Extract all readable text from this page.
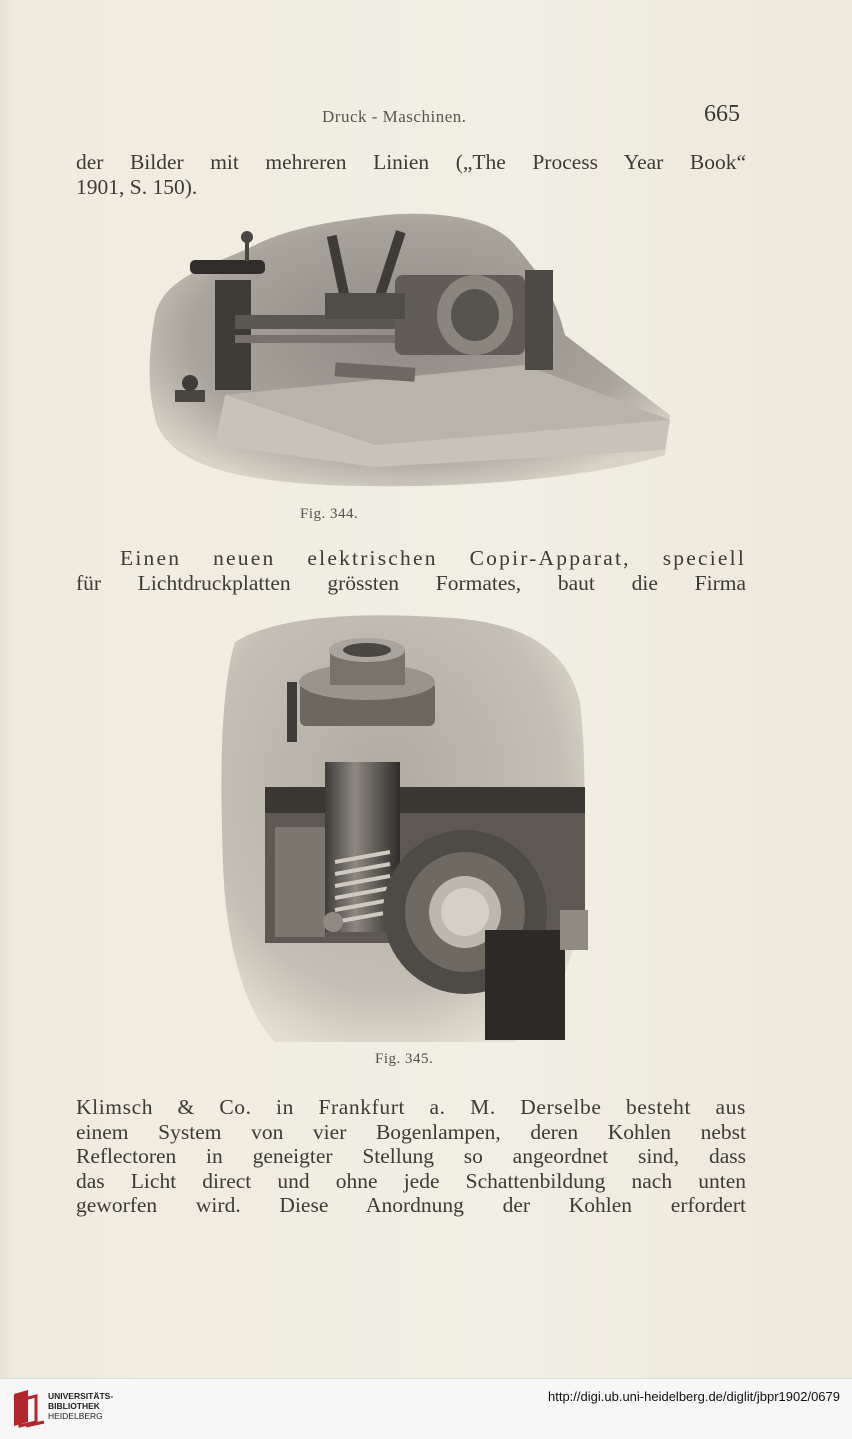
Druck - Maschinen.	665
der Bilder mit mehreren Linien („The Process Year Book“
1901, S. 150).
Fig. 344.
Einen neuen elektrischen Copir-Apparat, speciell
für Lichtdruckplatten grössten Formates, baut die Firma
Fig. 345.
Klimsch & Co. in Frankfurt a. M. Derselbe besteht aus
einem System von vier Bogenlampen, deren Kohlen nebst
Reflectoren in geneigter Stellung so angeordnet sind, dass
das Licht direct und ohne jede Schattenbildung nach unten
geworfen wird. Diese Anordnung der Kohlen erfordert
UNIVERSITÄTS-
BIBLIOTHEK
HEIDELBERG
http://digi.ub.uni-heidelberg.de/diglit/jbpr1902/0679
